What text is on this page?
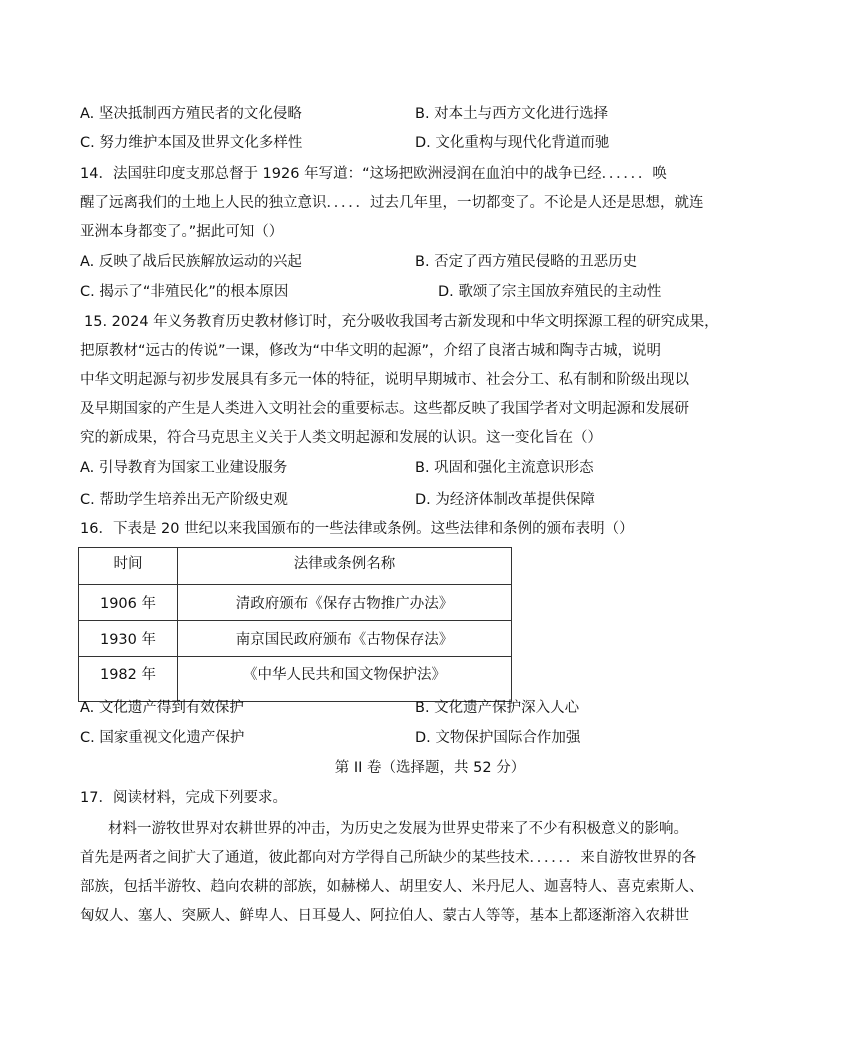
A. 坚决抵制西方殖民者的文化侵略	B. 对本土与西方文化进行选择
C. 努力维护本国及世界文化多样性	D. 文化重构与现代化背道而驰
14．法国驻印度支那总督于 1926 年写道：“这场把欧洲浸润在血泊中的战争已经．．．．．．唤
醒了远离我们的土地上人民的独立意识．．．．．过去几年里，一切都变了。不论是人还是思想，就连
亚洲本身都变了。”据此可知（）
A. 反映了战后民族解放运动的兴起	B. 否定了西方殖民侵略的丑恶历史
C. 揭示了“非殖民化”的根本原因	D. 歌颂了宗主国放弃殖民的主动性
15. 2024 年义务教育历史教材修订时，充分吸收我国考古新发现和中华文明探源工程的研究成果，
把原教材“远古的传说”一课，修改为“中华文明的起源”，介绍了良渚古城和陶寺古城，说明
中华文明起源与初步发展具有多元一体的特征，说明早期城市、社会分工、私有制和阶级出现以
及早期国家的产生是人类进入文明社会的重要标志。这些都反映了我国学者对文明起源和发展研
究的新成果，符合马克思主义关于人类文明起源和发展的认识。这一变化旨在（）
A. 引导教育为国家工业建设服务	B. 巩固和强化主流意识形态
C. 帮助学生培养出无产阶级史观	D. 为经济体制改革提供保障
16．下表是 20 世纪以来我国颁布的一些法律或条例。这些法律和条例的颁布表明（）
时间	法律或条例名称
1906 年	清政府颁布《保存古物推广办法》
1930 年	南京国民政府颁布《古物保存法》
1982 年	《中华人民共和国文物保护法》
A. 文化遗产得到有效保护	B. 文化遗产保护深入人心
C. 国家重视文化遗产保护	D. 文物保护国际合作加强
第 II 卷（选择题，共 52 分）
17．阅读材料，完成下列要求。
材料一游牧世界对农耕世界的冲击，为历史之发展为世界史带来了不少有积极意义的影响。
首先是两者之间扩大了通道，彼此都向对方学得自己所缺少的某些技术．．．．．．来自游牧世界的各
部族，包括半游牧、趋向农耕的部族，如赫梯人、胡里安人、米丹尼人、迦喜特人、喜克索斯人、
匈奴人、塞人、突厥人、鲜卑人、日耳曼人、阿拉伯人、蒙古人等等，基本上都逐渐溶入农耕世
